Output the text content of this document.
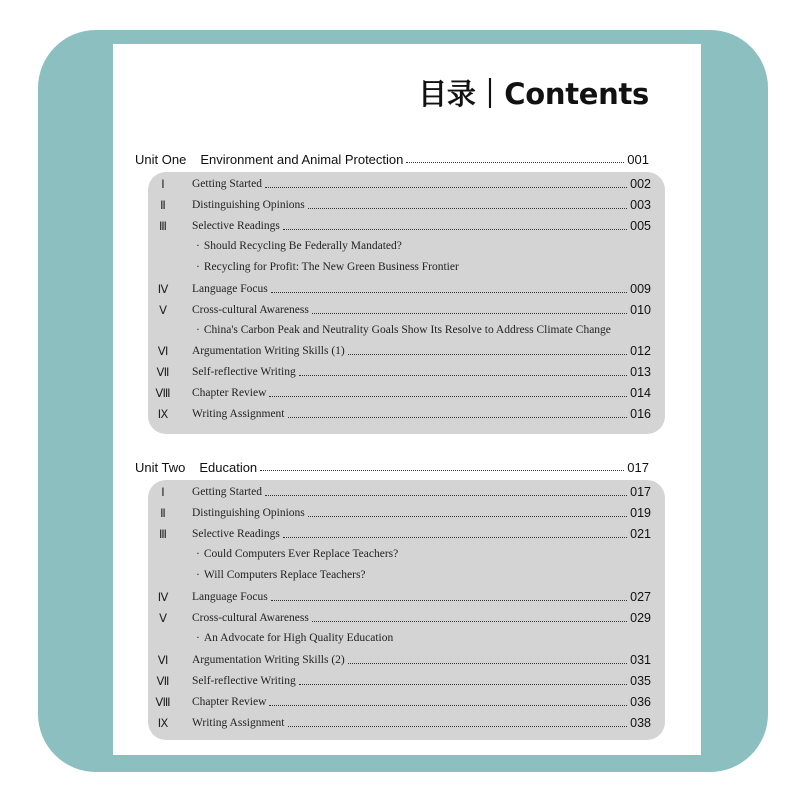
目录｜Contents
Unit One Environment and Animal Protection	001
Ⅰ	Getting Started	002
Ⅱ	Distinguishing Opinions	003
Ⅲ	Selective Readings	005
· Should Recycling Be Federally Mandated?
· Recycling for Profit: The New Green Business Frontier
Ⅳ	Language Focus	009
Ⅴ	Cross-cultural Awareness	010
· China's Carbon Peak and Neutrality Goals Show Its Resolve to Address Climate Change
Ⅵ	Argumentation Writing Skills (1)	012
Ⅶ	Self-reflective Writing	013
Ⅷ	Chapter Review	014
Ⅸ	Writing Assignment	016
Unit Two Education	017
Ⅰ	Getting Started	017
Ⅱ	Distinguishing Opinions	019
Ⅲ	Selective Readings	021
· Could Computers Ever Replace Teachers?
· Will Computers Replace Teachers?
Ⅳ	Language Focus	027
Ⅴ	Cross-cultural Awareness	029
· An Advocate for High Quality Education
Ⅵ	Argumentation Writing Skills (2)	031
Ⅶ	Self-reflective Writing	035
Ⅷ	Chapter Review	036
Ⅸ	Writing Assignment	038
